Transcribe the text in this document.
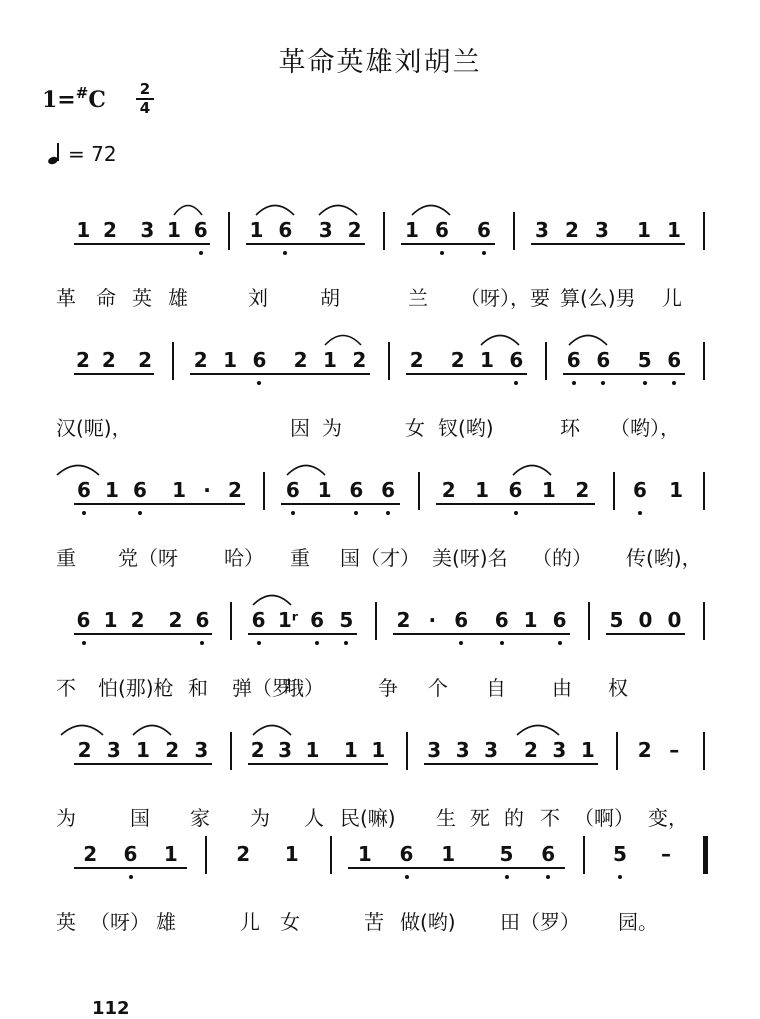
革命英雄刘胡兰
1=#C 2
4
= 72
1 2 3 1 6 1 6 3 2 1 6 6 3 2 3 1 1
革 命 英 雄	刘	胡	兰 （呀），要 算(么)男 儿
2 2 2 2 1 6 2 1 2 2 2 1 6 6 6 5 6
汉(呃)，	因 为	女 钗(哟)	环 （哟），
6 1 6 1 · 2 6 1 6 6 2 1 6 1 2 6 1
重 党（呀 哈） 重 国（才） 美(呀)名 （的） 传(哟)，
6 1 2 2 6 6 1ʳ 6 5 2 · 6 6 1 6 5 0 0
不 怕(那)枪 和 弹（罗
哦）	争 个 自 由 权
2 3 1 2 3 2 3 1 1 1 3 3 3 2 3 1 2 –
为	国 家 为 人 民(嘛) 生 死 的 不 （啊） 变，
2 6 1	2 1	1 6 1 5 6	5 –
英 （呀） 雄	儿 女	苦 做(哟) 田（罗） 园。
112
